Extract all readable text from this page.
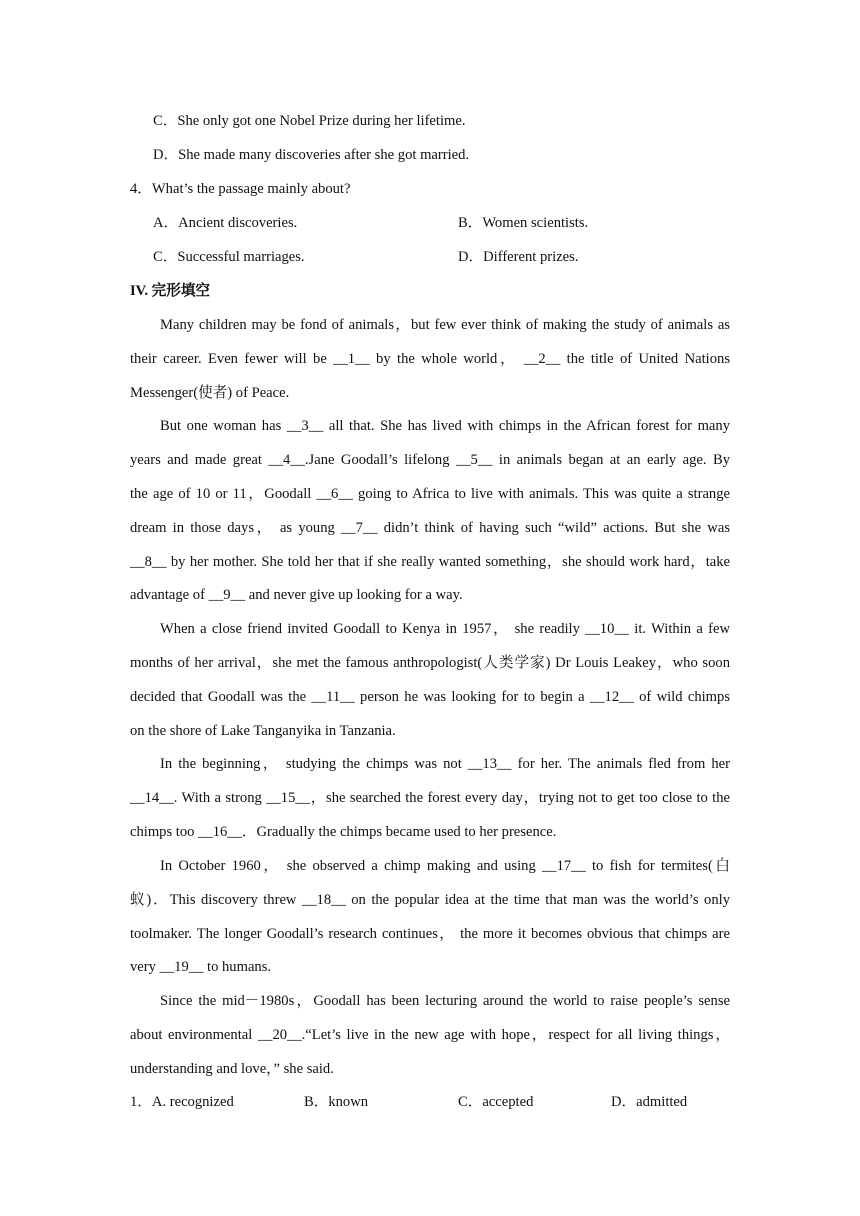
C．She only got one Nobel Prize during her lifetime.
D．She made many discoveries after she got married.
4．What’s the passage mainly about?
A．Ancient discoveries.	B．Women scientists.
C．Successful marriages.	D．Different prizes.
IV. 完形填空
Many children may be fond of animals，but few ever think of making the study of animals as
their career. Even fewer will be __1__ by the whole world， __2__ the title of United Nations
Messenger(使者) of Peace.
But one woman has __3__ all that. She has lived with chimps in the African forest for many
years and made great __4__.Jane Goodall’s lifelong __5__ in animals began at an early age. By
the age of 10 or 11，Goodall __6__ going to Africa to live with animals. This was quite a strange
dream in those days， as young __7__ didn’t think of having such “wild” actions. But she was
__8__ by her mother. She told her that if she really wanted something，she should work hard，take
advantage of __9__ and never give up looking for a way.
When a close friend invited Goodall to Kenya in 1957， she readily __10__ it. Within a few
months of her arrival，she met the famous anthropologist(人类学家) Dr Louis Leakey，who soon
decided that Goodall was the __11__ person he was looking for to begin a __12__ of wild chimps
on the shore of Lake Tanganyika in Tanzania.
In the beginning， studying the chimps was not __13__ for her. The animals fled from her
__14__. With a strong __15__，she searched the forest every day，trying not to get too close to the
chimps too __16__．Gradually the chimps became used to her presence.
In October 1960， she observed a chimp making and using __17__ to fish for termites(白
蚁)．This discovery threw __18__ on the popular idea at the time that man was the world’s only
toolmaker. The longer Goodall’s research continues， the more it becomes obvious that chimps are
very __19__ to humans.
Since the mid－1980s，Goodall has been lecturing around the world to raise people’s sense
about environmental __20__.“Let’s live in the new age with hope，respect for all living things，
understanding and love，” she said.
1．A. recognized	B．known	C．accepted	D．admitted
